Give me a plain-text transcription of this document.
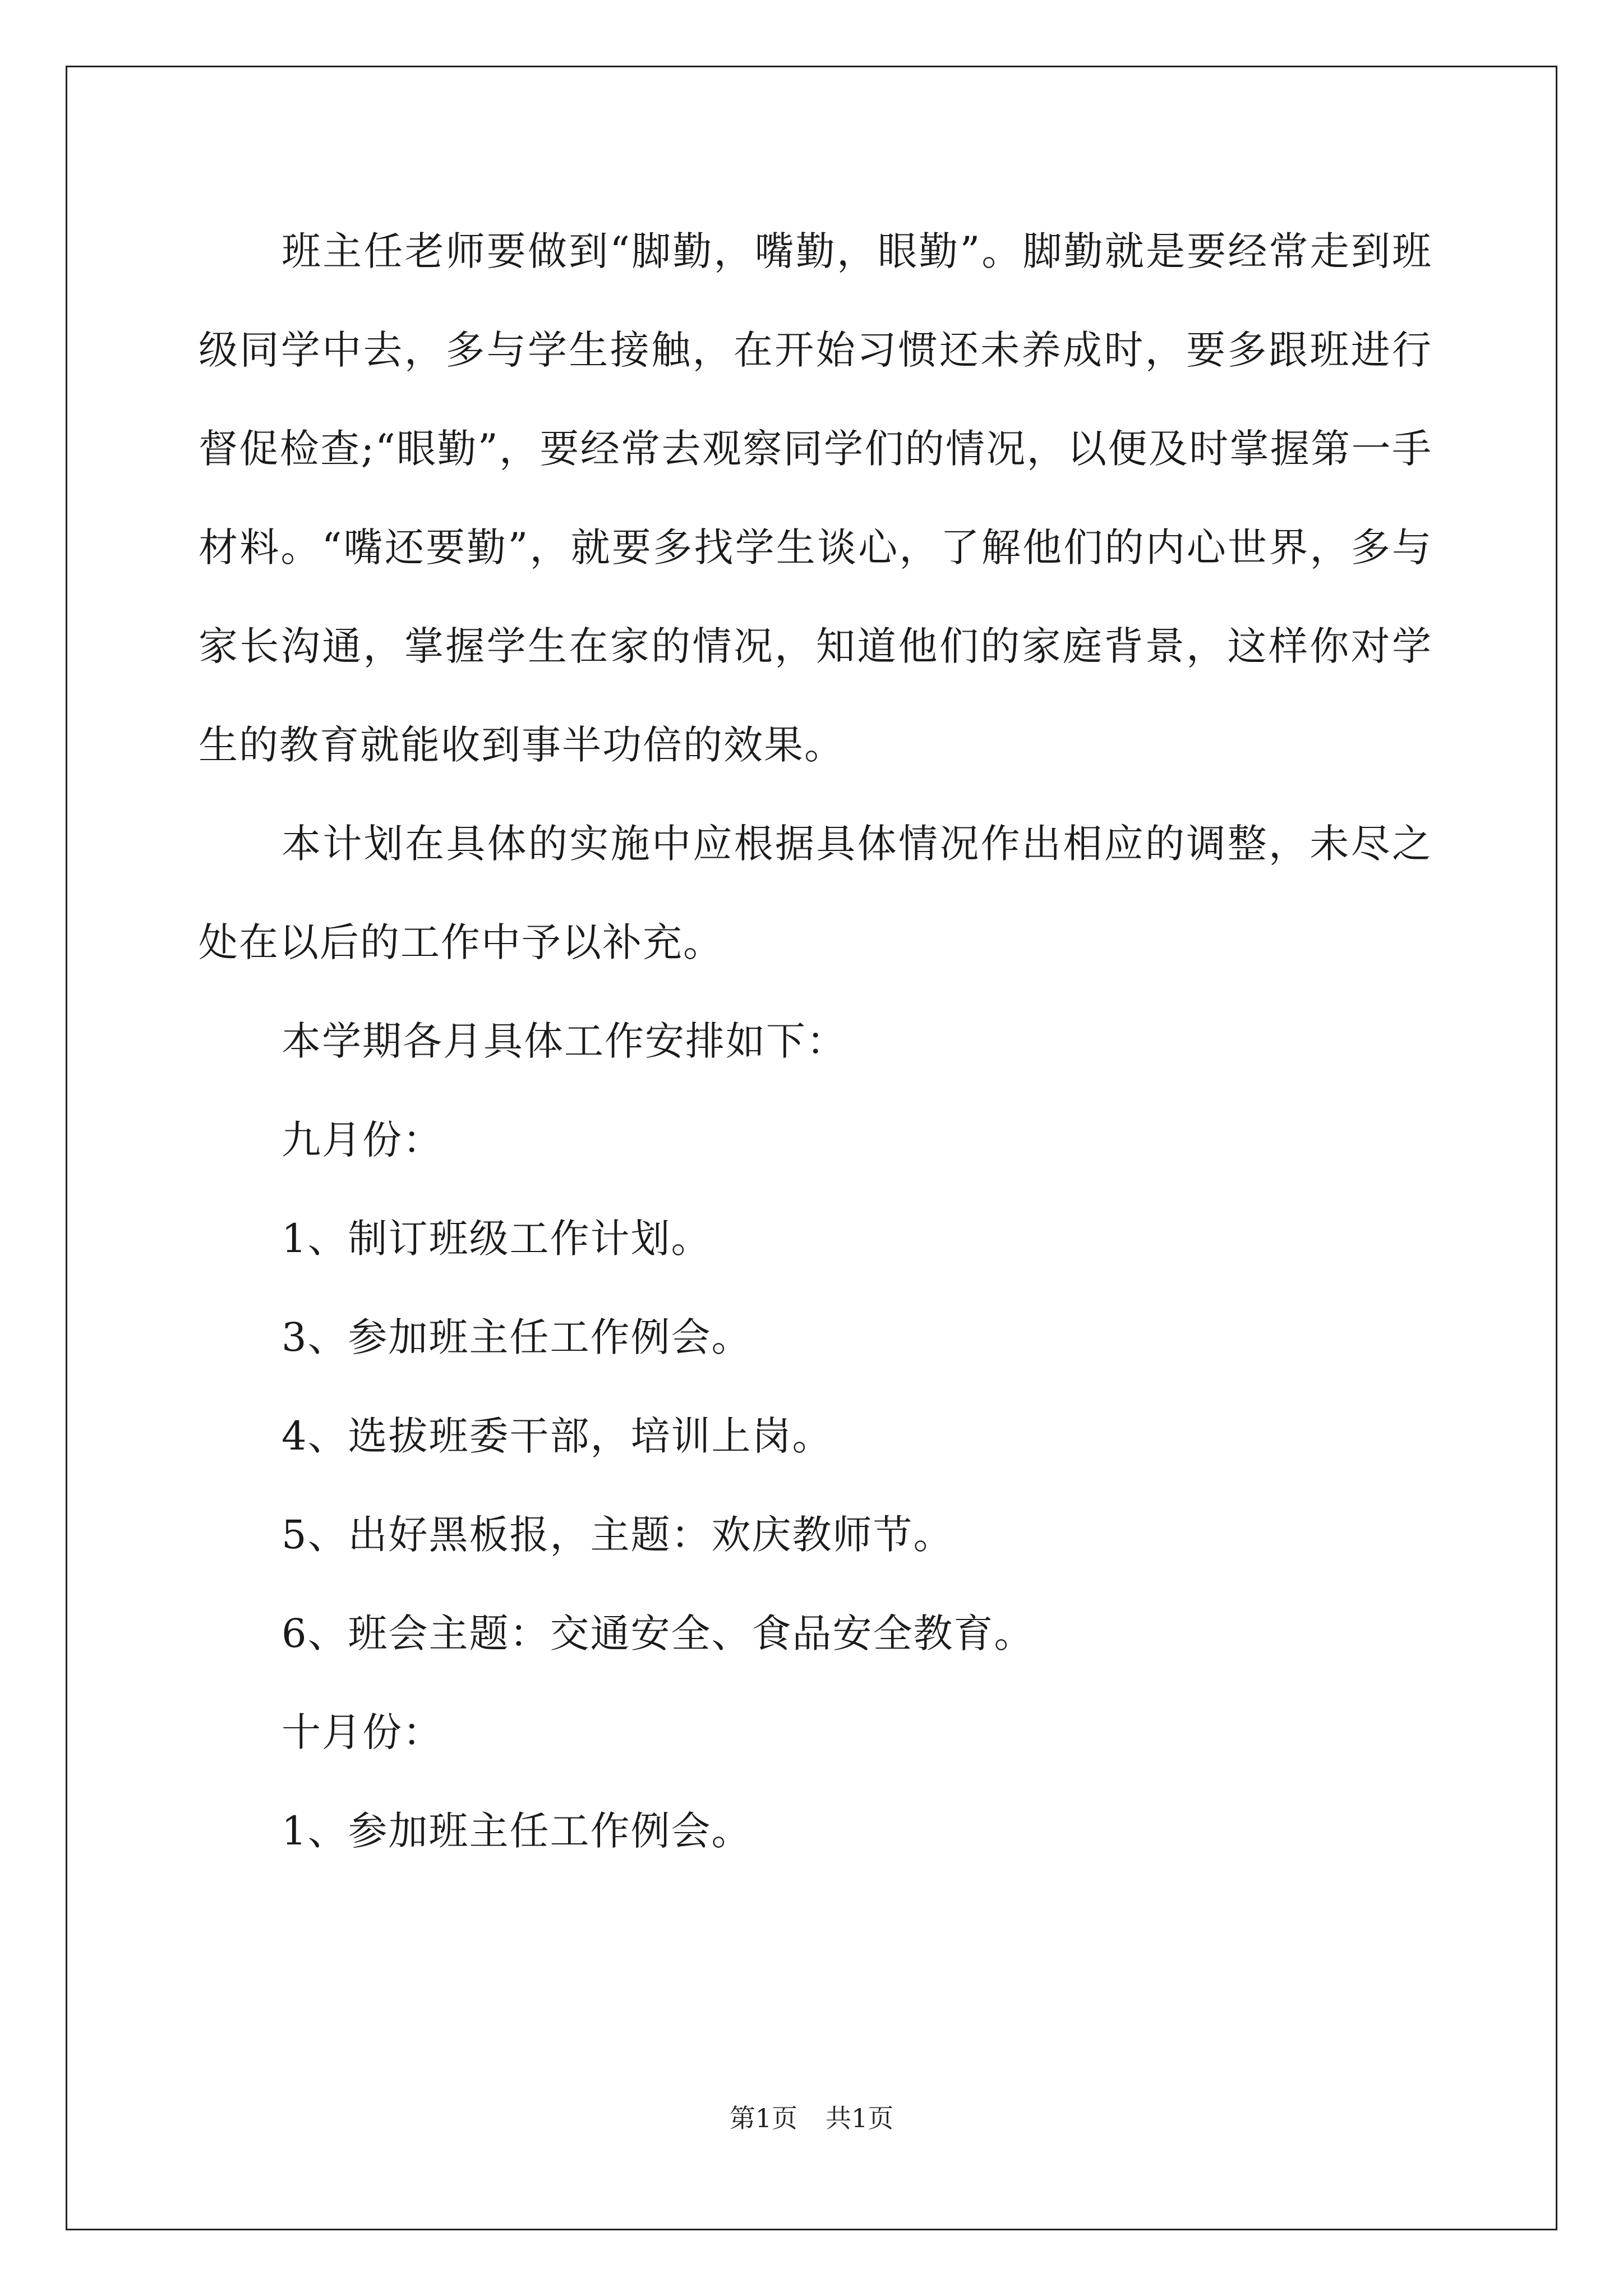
班主任老师要做到“脚勤，嘴勤，眼勤”。脚勤就是要经常走到班级同学中去，多与学生接触，在开始习惯还未养成时，要多跟班进行督促检查;“眼勤”，要经常去观察同学们的情况，以便及时掌握第一手材料。“嘴还要勤”，就要多找学生谈心，了解他们的内心世界，多与家长沟通，掌握学生在家的情况，知道他们的家庭背景，这样你对学生的教育就能收到事半功倍的效果。

本计划在具体的实施中应根据具体情况作出相应的调整，未尽之处在以后的工作中予以补充。

本学期各月具体工作安排如下：

九月份：

1、制订班级工作计划。

3、参加班主任工作例会。

4、选拔班委干部，培训上岗。

5、出好黑板报，主题：欢庆教师节。

6、班会主题：交通安全、食品安全教育。

十月份：

1、参加班主任工作例会。

第1页 共1页
